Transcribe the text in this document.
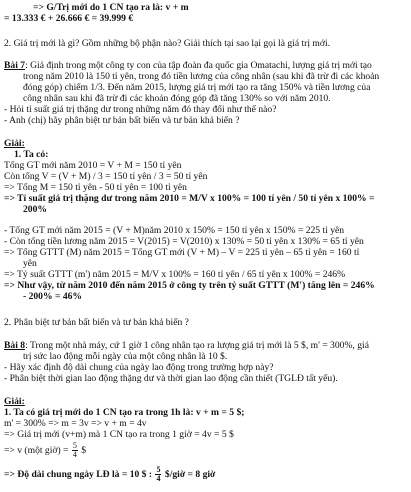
=> G/Trị mới do 1 CN tạo ra là: v + m
= 13.333 € + 26.666 € = 39.999 €
2. Giá trị mới là gì? Gồm những bộ phận nào? Giải thích tại sao lại gọi là giá trị mới.
Bài 7: Giả định trong một công ty con của tập đoàn đa quốc gia Omatachi, lượng giá trị mới tạo
trong năm 2010 là 150 tỉ yên, trong đó tiền lương của công nhân (sau khi đã trừ đi các khoản
đóng góp) chiếm 1/3. Đến năm 2015, lượng giá trị mới tạo ra tăng 150% và tiền lương của
công nhân sau khi đã trừ đi các khoản đóng góp đã tăng 130% so với năm 2010.
- Hỏi tỉ suất giá trị thặng dư trong những năm đó thay đổi như thế nào?
- Anh (chị) hãy phân biệt tư bản bất biến và tư bản khả biến ?
Giải:
1. Ta có:
Tổng GT mới năm 2010 = V + M = 150 tỉ yên
Còn tổng V = (V + M) / 3 = 150 tỉ yên / 3 = 50 tỉ yên
=> Tổng M = 150 tỉ yên - 50 tỉ yên = 100 tỉ yên
=> Tỉ suất giá trị thặng dư trong năm 2010 = M/V x 100% = 100 tỉ yên / 50 tỉ yên x 100% =
200%
- Tổng GT mới năm 2015 = (V + M)năm 2010 x 150% = 150 tỉ yên x 150% = 225 tỉ yên
- Còn tổng tiền lương năm 2015 = V(2015) = V(2010) x 130% = 50 tỉ yên x 130% = 65 tỉ yên
=> Tổng GTTT (M) năm 2015 = Tổng GT mới (V + M) – V = 225 tỉ yên – 65 tỉ yên = 160 tỉ
yên
=> Tỷ suất GTTT (m') năm 2015 = M/V x 100% = 160 tỉ yên / 65 tỉ yên x 100% = 246%
=> Như vậy, từ năm 2010 đến năm 2015 ở công ty trên tỷ suất GTTT (M') tăng lên = 246%
- 200% = 46%
2. Phân biệt tư bản bất biến và tư bản khả biến ?
Bài 8: Trong một nhà máy, cứ 1 giờ 1 công nhân tạo ra lượng giá trị mới là 5 $, m' = 300%, giá
trị sức lao động mỗi ngày của một công nhân là 10 $.
- Hãy xác định độ dài chung của ngày lao động trong trường hợp này?
- Phân biệt thời gian lao động thặng dư và thời gian lao động cần thiết (TGLĐ tất yếu).
Giải:
1. Ta có giá trị mới do 1 CN tạo ra trong 1h là: v + m = 5 $;
m' = 300% => m = 3v => v + m = 4v
=> Giá trị mới (v+m) mà 1 CN tạo ra trong 1 giờ = 4v = 5 $
=> v (một giờ) = $\frac{5}{4}$ $
=> Độ dài chung ngày LĐ là = 10 $ : $\frac{5}{4}$ $/giờ = 8 giờ
